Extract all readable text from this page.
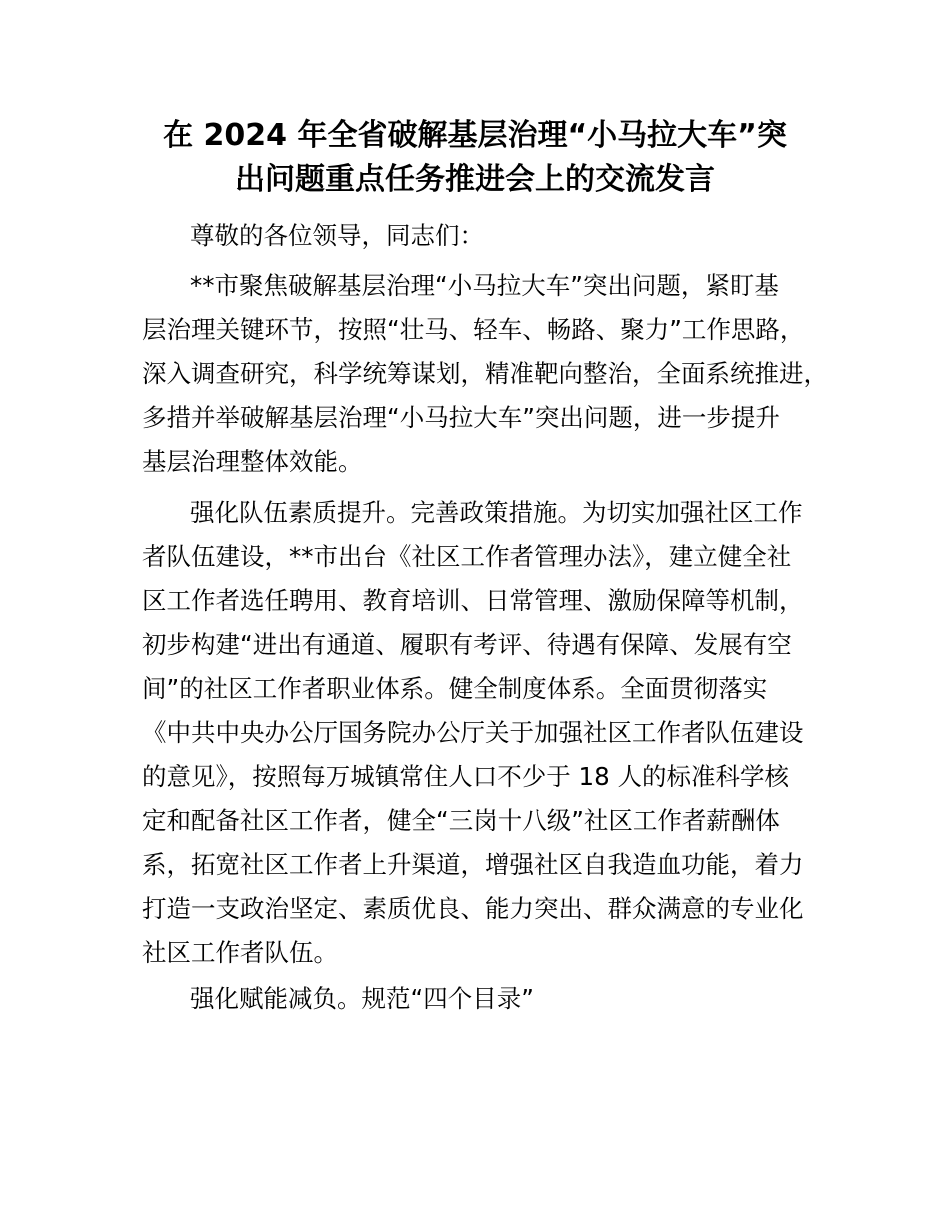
在 2024 年全省破解基层治理“小马拉大车”突
出问题重点任务推进会上的交流发言
尊敬的各位领导，同志们：
**市聚焦破解基层治理“小马拉大车”突出问题，紧盯基
层治理关键环节，按照“壮马、轻车、畅路、聚力”工作思路，
深入调查研究，科学统筹谋划，精准靶向整治，全面系统推进，
多措并举破解基层治理“小马拉大车”突出问题，进一步提升
基层治理整体效能。
强化队伍素质提升。完善政策措施。为切实加强社区工作
者队伍建设，**市出台《社区工作者管理办法》，建立健全社
区工作者选任聘用、教育培训、日常管理、激励保障等机制，
初步构建“进出有通道、履职有考评、待遇有保障、发展有空
间”的社区工作者职业体系。健全制度体系。全面贯彻落实
《中共中央办公厅国务院办公厅关于加强社区工作者队伍建设
的意见》，按照每万城镇常住人口不少于 18 人的标准科学核
定和配备社区工作者，健全“三岗十八级”社区工作者薪酬体
系，拓宽社区工作者上升渠道，增强社区自我造血功能，着力
打造一支政治坚定、素质优良、能力突出、群众满意的专业化
社区工作者队伍。
强化赋能减负。规范“四个目录”
